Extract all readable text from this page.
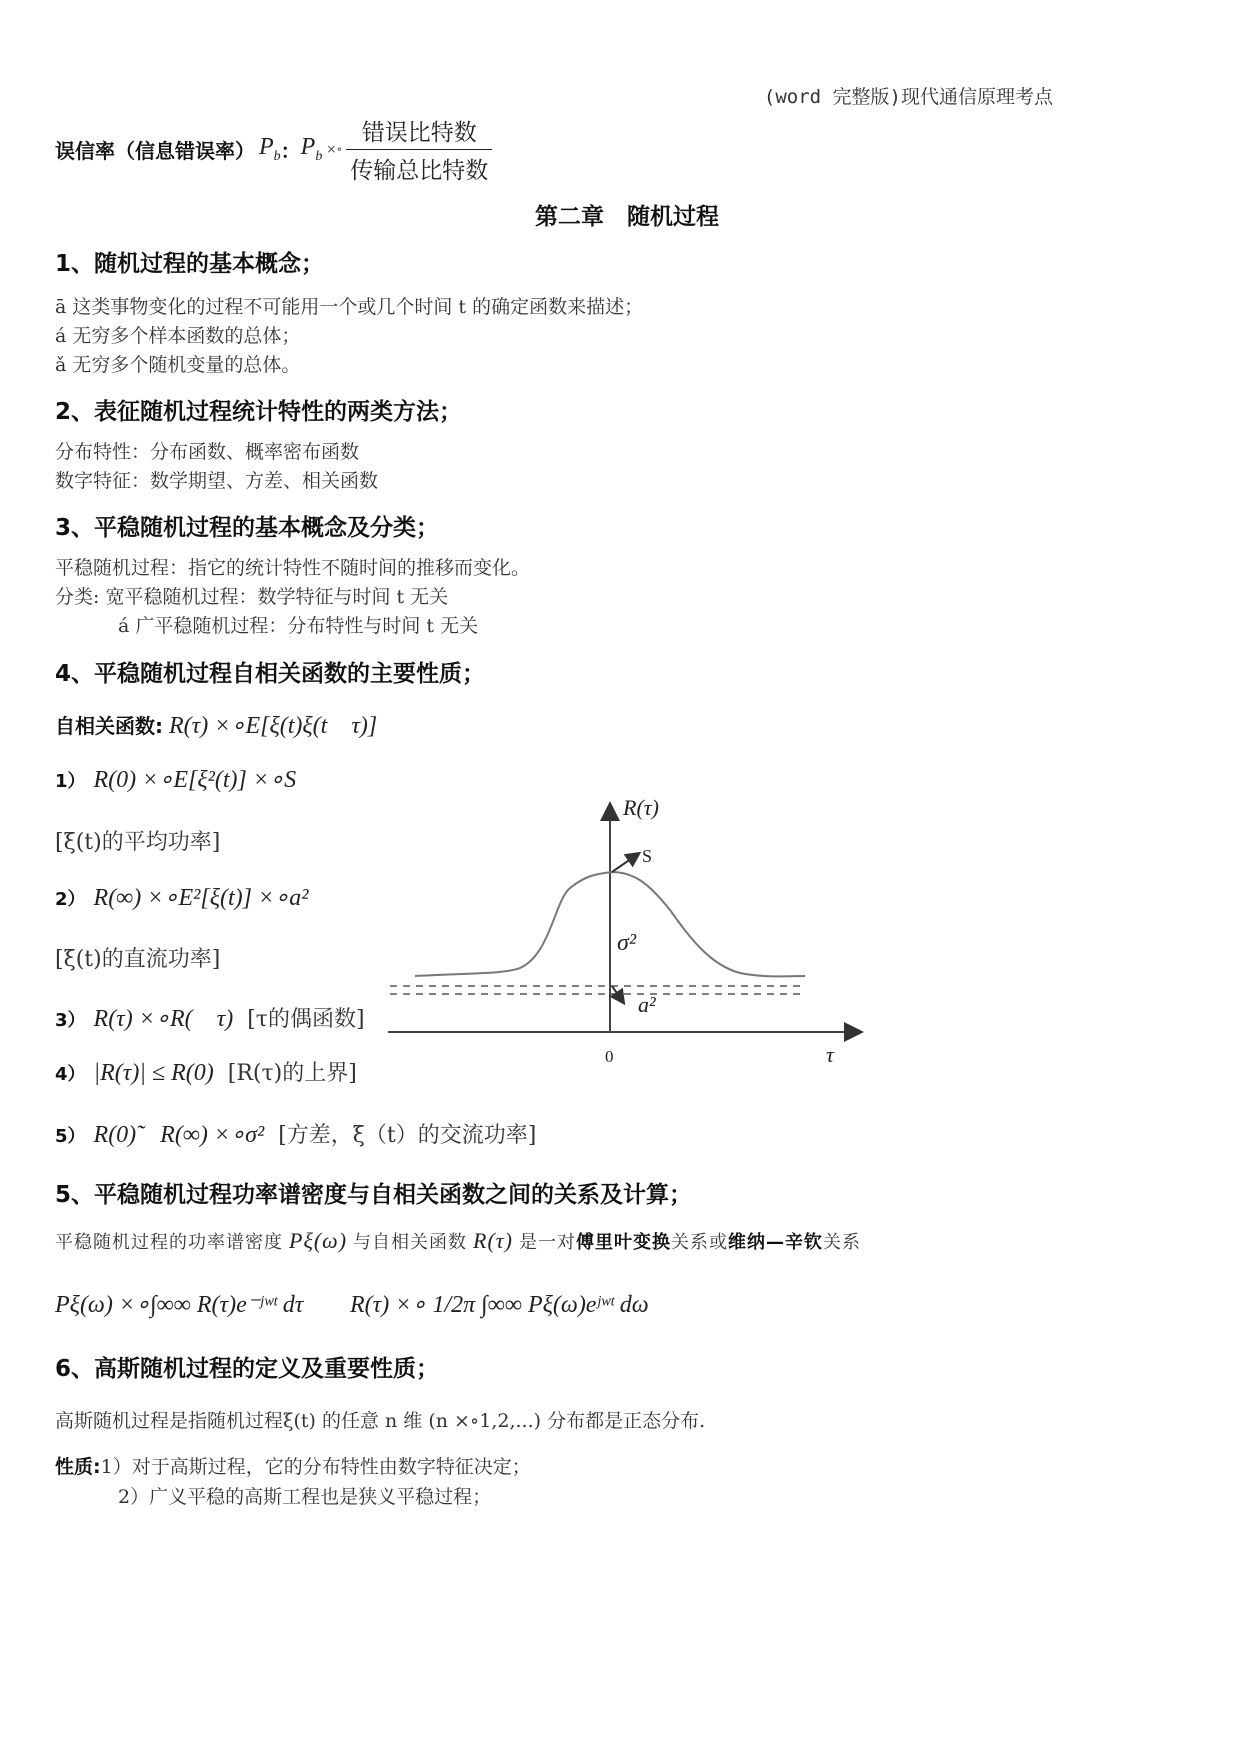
(word 完整版)现代通信原理考点
误信率（信息错误率） $P_b$ ： $P_b$ ×∘ $\frac{\text{错误比特数}}{\text{传输总比特数}}$
第二章　随机过程
1、随机过程的基本概念；
ā 这类事物变化的过程不可能用一个或几个时间 t 的确定函数来描述；
á 无穷多个样本函数的总体；
ǎ 无穷多个随机变量的总体。
2、表征随机过程统计特性的两类方法；
分布特性：分布函数、概率密布函数
数字特征：数学期望、方差、相关函数
3、平稳随机过程的基本概念及分类；
平稳随机过程：指它的统计特性不随时间的推移而变化。
分类: 宽平稳随机过程：数学特征与时间 t 无关
á 广平稳随机过程：分布特性与时间 t 无关
4、平稳随机过程自相关函数的主要性质；
自相关函数: R(τ) ×∘E[ξ(t)ξ(t　τ)]
1） R(0) ×∘E[ξ²(t)] ×∘S
[ξ(t)的平均功率]
2） R(∞) ×∘E²[ξ(t)] ×∘a²
[ξ(t)的直流功率]
3） R(τ) ×∘R(　τ) [τ的偶函数]
4） |R(τ)| ≤ R(0) [R(τ)的上界]
5） R(0)̃　R(∞) ×∘σ² [方差，ξ（t）的交流功率]
R(τ)
S
σ²
a²
0	τ
5、平稳随机过程功率谱密度与自相关函数之间的关系及计算；
平稳随机过程的功率谱密度 Pξ(ω) 与自相关函数 R(τ) 是一对 傅里叶变换 关系或 维纳—辛钦 关系
Pξ(ω) ×∘∫∞∞ R(τ)e⁻ʲʷᵗ dτ R(τ) ×∘ 1/2π ∫∞∞ Pξ(ω)eʲʷᵗ dω
6、高斯随机过程的定义及重要性质；
高斯随机过程是指随机过程ξ(t) 的任意 n 维 (n ×∘1,2,...) 分布都是正态分布.
性质: 1）对于高斯过程，它的分布特性由数字特征决定；
2）广义平稳的高斯工程也是狭义平稳过程；
